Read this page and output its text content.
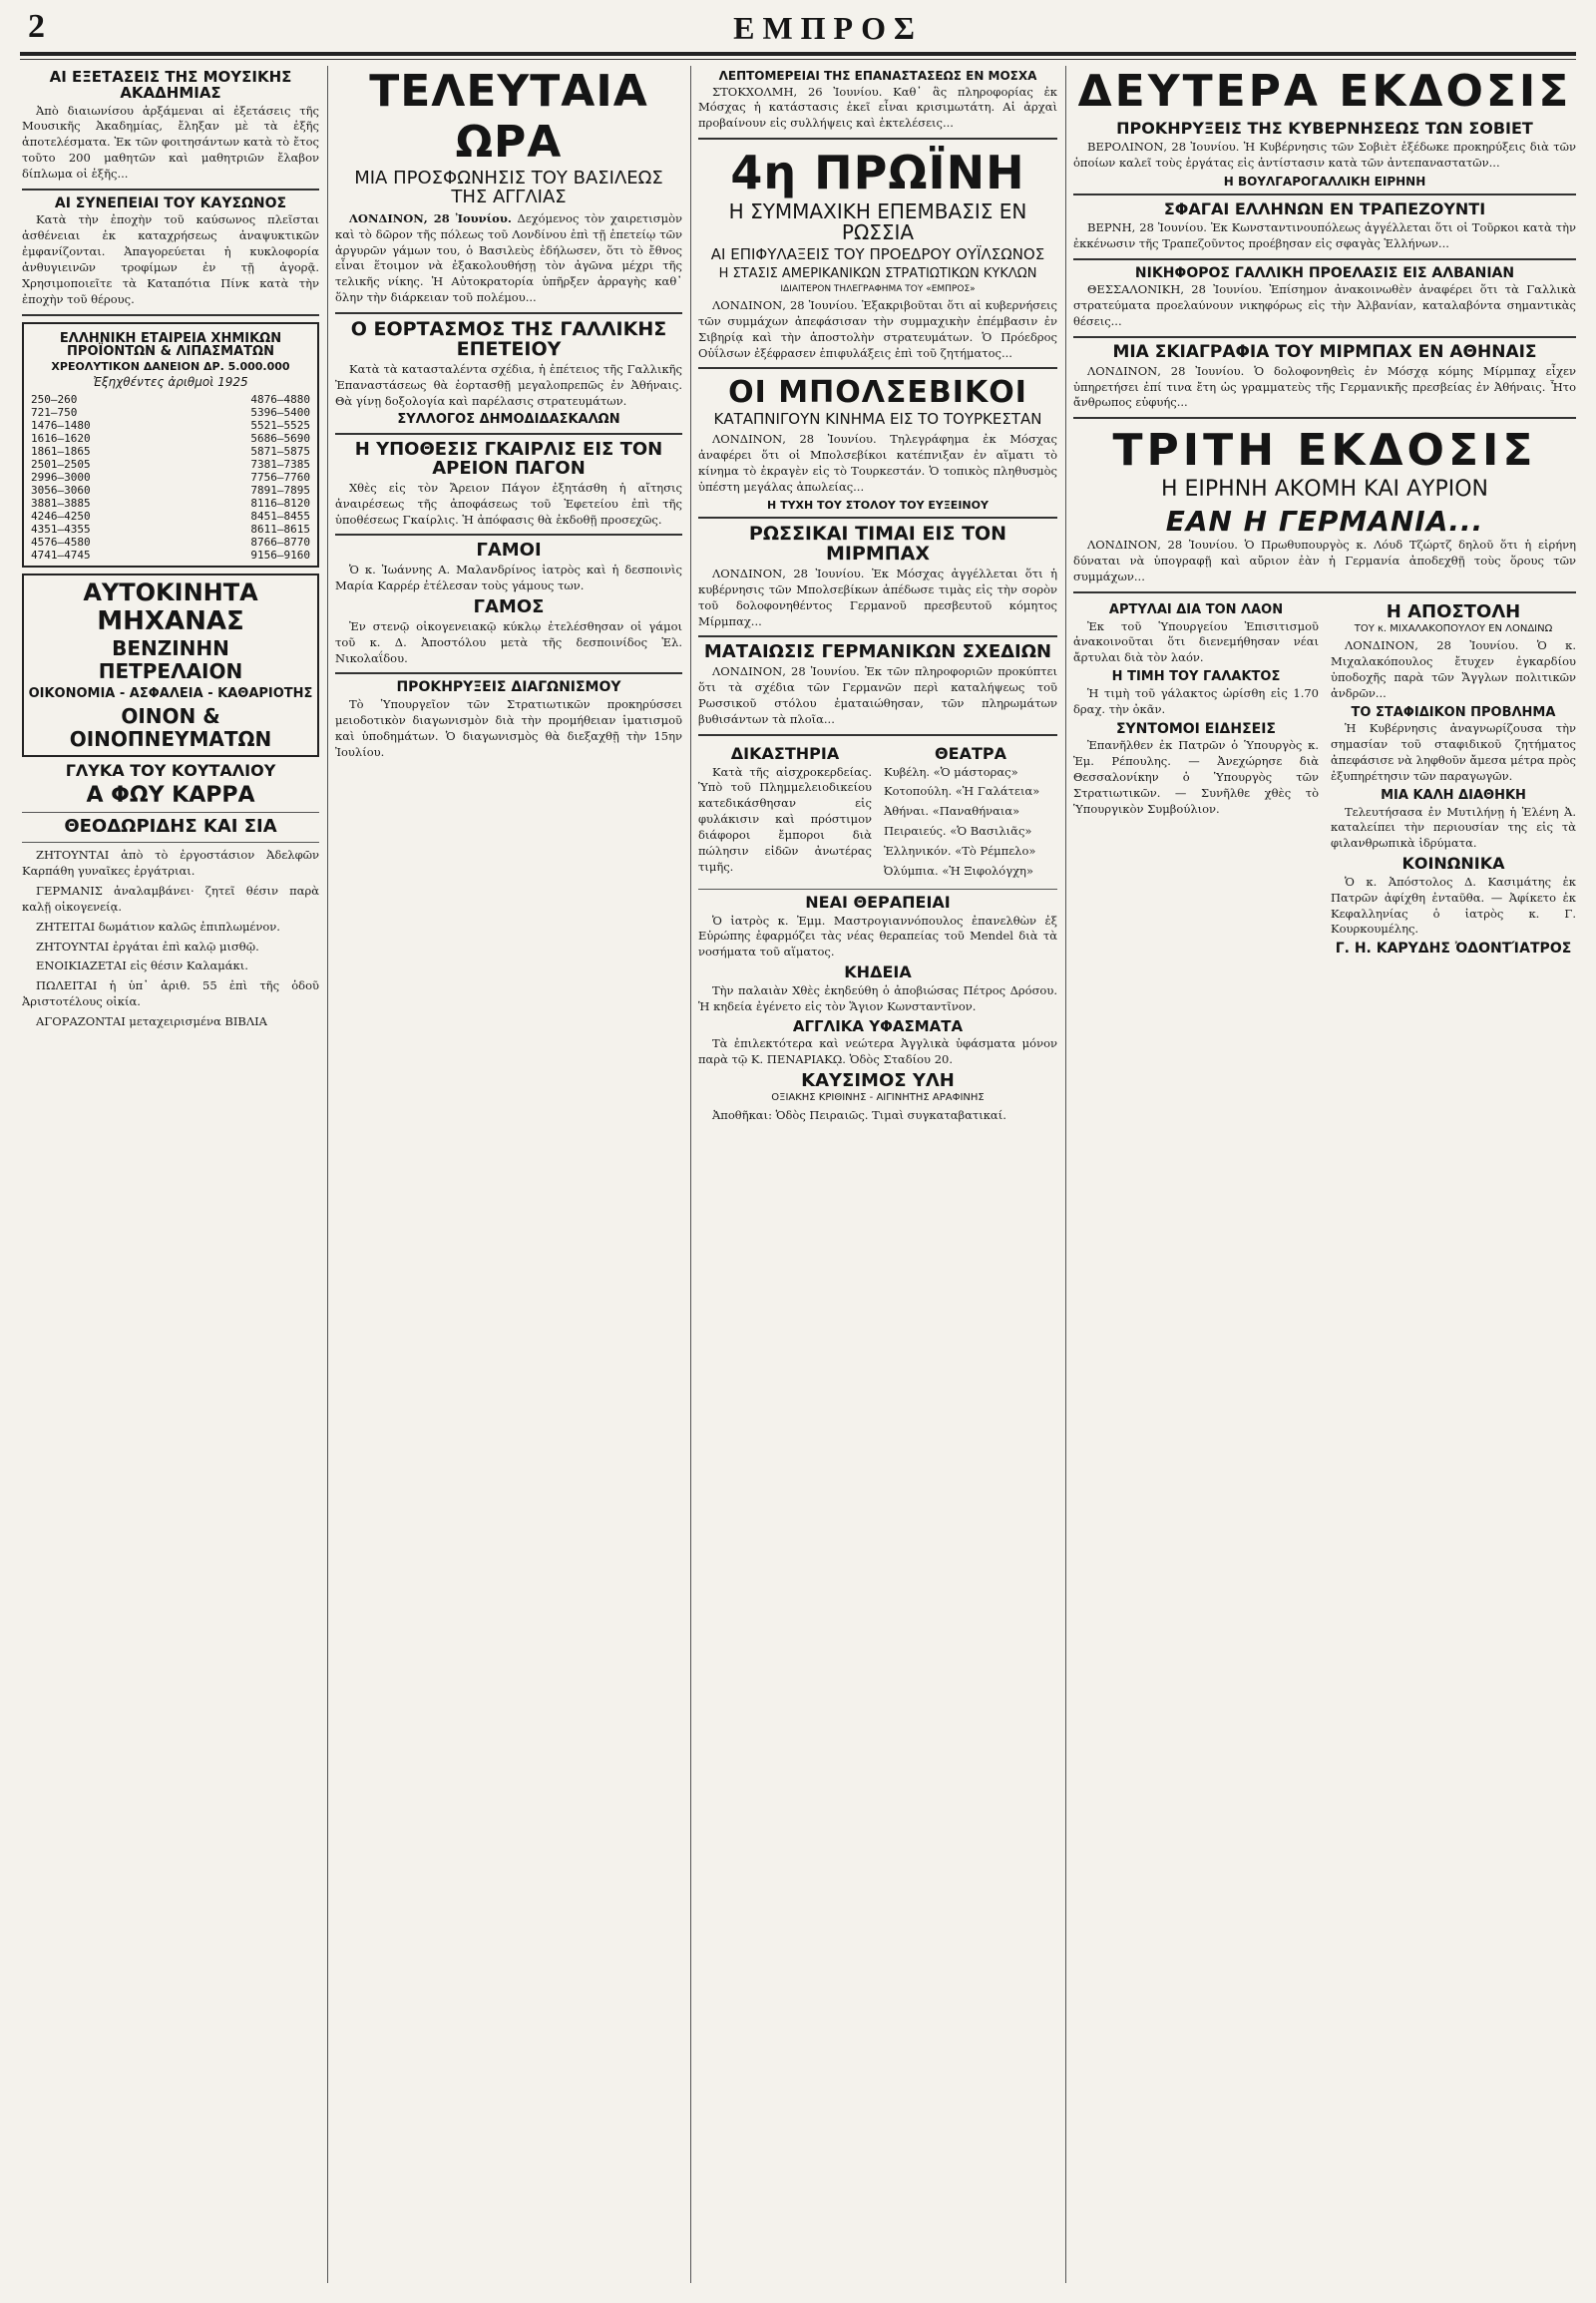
2	ΕΜΠΡΟΣ
ΑΙ ΕΞΕΤΑΣΕΙΣ ΤΗΣ ΜΟΥΣΙΚΗΣ ΑΚΑΔΗΜΙΑΣ

Ἀπὸ διαιωνίσου ἀρξάμεναι αἱ ἐξετάσεις τῆς Μουσικῆς Ἀκαδημίας, ἔληξαν μὲ τὰ ἑξῆς ἀποτελέσματα. Ἐκ τῶν φοιτησάντων κατὰ τὸ ἔτος τοῦτο 200 μαθητῶν καὶ μαθητριῶν ἔλαβον δίπλωμα οἱ ἑξῆς...

ΑΙ ΣΥΝΕΠΕΙΑΙ ΤΟΥ ΚΑΥΣΩΝΟΣ

Κατὰ τὴν ἐποχὴν τοῦ καύσωνος πλεῖσται ἀσθένειαι ἐκ καταχρήσεως ἀναψυκτικῶν ἐμφανίζονται. Ἀπαγορεύεται ἡ κυκλοφορία ἀνθυγιεινῶν τροφίμων ἐν τῇ ἀγορᾷ. Χρησιμοποιεῖτε τὰ Καταπότια Πίνκ κατὰ τὴν ἐποχὴν τοῦ θέρους.

ΕΛΛΗΝΙΚΗ ΕΤΑΙΡΕΙΑ ΧΗΜΙΚΩΝ ΠΡΟΪΟΝΤΩΝ & ΛΙΠΑΣΜΑΤΩΝ
ΧΡΕΟΛΥΤΙΚΟΝ ΔΑΝΕΙΟΝ ΔΡ. 5.000.000
Ἐξηχθέντες ἀριθμοὶ 1925
250—260	4876—4880
721—750	5396—5400
1476—1480	5521—5525
1616—1620	5686—5690
1861—1865	5871—5875
2501—2505	7381—7385
2996—3000	7756—7760
3056—3060	7891—7895
3881—3885	8116—8120
4246—4250	8451—8455
4351—4355	8611—8615
4576—4580	8766—8770
4741—4745	9156—9160
ΑΥΤΟΚΙΝΗΤΑ
ΜΗΧΑΝΑΣ
ΒΕΝΖΙΝΗΝ
ΠΕΤΡΕΛΑΙΟΝ
ΟΙΚΟΝΟΜΙΑ - ΑΣΦΑΛΕΙΑ - ΚΑΘΑΡΙΟΤΗΣ
ΟΙΝΟΝ & ΟΙΝΟΠΝΕΥΜΑΤΩΝ
ΓΛΥΚΑ ΤΟΥ ΚΟΥΤΑΛΙΟΥ
Α ΦΩΥ ΚΑΡΡΑ
ΘΕΟΔΩΡΙΔΗΣ ΚΑΙ ΣΙΑ

ΖΗΤΟΥΝΤΑΙ ἀπὸ τὸ ἐργοστάσιον Ἀδελφῶν Καρπάθη γυναῖκες ἐργάτριαι.

ΓΕΡΜΑΝΙΣ ἀναλαμβάνει· ζητεῖ θέσιν παρὰ καλῇ οἰκογενείᾳ.

ΖΗΤΕΙΤΑΙ δωμάτιον καλῶς ἐπιπλωμένον.

ΖΗΤΟΥΝΤΑΙ ἐργάται ἐπὶ καλῷ μισθῷ.

ΕΝΟΙΚΙΑΖΕΤΑΙ εἰς θέσιν Καλαμάκι.

ΠΩΛΕΙΤΑΙ ἡ ὑπ᾽ ἀριθ. 55 ἐπὶ τῆς ὁδοῦ Ἀριστοτέλους οἰκία.

ΑΓΟΡΑΖΟΝΤΑΙ μεταχειρισμένα ΒΙΒΛΙΑ

ΤΕΛΕΥΤΑΙΑ ΩΡΑ
ΜΙΑ ΠΡΟΣΦΩΝΗΣΙΣ ΤΟΥ ΒΑΣΙΛΕΩΣ ΤΗΣ ΑΓΓΛΙΑΣ

ΛΟΝΔΙΝΟΝ, 28 Ἰουνίου. Δεχόμενος τὸν χαιρετισμὸν καὶ τὸ δῶρον τῆς πόλεως τοῦ Λονδίνου ἐπὶ τῇ ἐπετείῳ τῶν ἀργυρῶν γάμων του, ὁ Βασιλεὺς ἐδήλωσεν, ὅτι τὸ ἔθνος εἶναι ἕτοιμον νὰ ἐξακολουθήσῃ τὸν ἀγῶνα μέχρι τῆς τελικῆς νίκης. Ἡ Αὐτοκρατορία ὑπῆρξεν ἀρραγὴς καθ᾽ ὅλην τὴν διάρκειαν τοῦ πολέμου...

Ο ΕΟΡΤΑΣΜΟΣ ΤΗΣ ΓΑΛΛΙΚΗΣ ΕΠΕΤΕΙΟΥ

Κατὰ τὰ κατασταλέντα σχέδια, ἡ ἐπέτειος τῆς Γαλλικῆς Ἐπαναστάσεως θὰ ἑορτασθῇ μεγαλοπρεπῶς ἐν Ἀθήναις. Θὰ γίνῃ δοξολογία καὶ παρέλασις στρατευμάτων.

ΣΥΛΛΟΓΟΣ ΔΗΜΟΔΙΔΑΣΚΑΛΩΝ
Η ΥΠΟΘΕΣΙΣ ΓΚΑΙΡΛΙΣ ΕΙΣ ΤΟΝ ΑΡΕΙΟΝ ΠΑΓΟΝ

Χθὲς εἰς τὸν Ἄρειον Πάγον ἐξητάσθη ἡ αἴτησις ἀναιρέσεως τῆς ἀποφάσεως τοῦ Ἐφετείου ἐπὶ τῆς ὑποθέσεως Γκαίρλις. Ἡ ἀπόφασις θὰ ἐκδοθῇ προσεχῶς.

ΓΑΜΟΙ

Ὁ κ. Ἰωάννης Α. Μαλανδρίνος ἰατρὸς καὶ ἡ δεσποινὶς Μαρία Καρρέρ ἐτέλεσαν τοὺς γάμους των.

ΓΑΜΟΣ

Ἐν στενῷ οἰκογενειακῷ κύκλῳ ἐτελέσθησαν οἱ γάμοι τοῦ κ. Δ. Ἀποστόλου μετὰ τῆς δεσποινίδος Ἑλ. Νικολαΐδου.

ΠΡΟΚΗΡΥΞΕΙΣ ΔΙΑΓΩΝΙΣΜΟΥ

Τὸ Ὑπουργεῖον τῶν Στρατιωτικῶν προκηρύσσει μειοδοτικὸν διαγωνισμὸν διὰ τὴν προμήθειαν ἱματισμοῦ καὶ ὑποδημάτων. Ὁ διαγωνισμὸς θὰ διεξαχθῇ τὴν 15ην Ἰουλίου.

ΛΕΠΤΟΜΕΡΕΙΑΙ ΤΗΣ ΕΠΑΝΑΣΤΑΣΕΩΣ ΕΝ ΜΟΣΧΑ

ΣΤΟΚΧΟΛΜΗ, 26 Ἰουνίου. Καθ᾽ ἃς πληροφορίας ἐκ Μόσχας ἡ κατάστασις ἐκεῖ εἶναι κρισιμωτάτη. Αἱ ἀρχαὶ προβαίνουν εἰς συλλήψεις καὶ ἐκτελέσεις...

4η ΠΡΩΪΝΗ
Η ΣΥΜΜΑΧΙΚΗ ΕΠΕΜΒΑΣΙΣ ΕΝ ΡΩΣΣΙΑ
ΑΙ ΕΠΙΦΥΛΑΞΕΙΣ ΤΟΥ ΠΡΟΕΔΡΟΥ ΟΥΪΛΣΩΝΟΣ
Η ΣΤΑΣΙΣ ΑΜΕΡΙΚΑΝΙΚΩΝ ΣΤΡΑΤΙΩΤΙΚΩΝ ΚΥΚΛΩΝ
ΙΔΙΑΙΤΕΡΟΝ ΤΗΛΕΓΡΑΦΗΜΑ ΤΟΥ «ΕΜΠΡΟΣ»

ΛΟΝΔΙΝΟΝ, 28 Ἰουνίου. Ἐξακριβοῦται ὅτι αἱ κυβερνήσεις τῶν συμμάχων ἀπεφάσισαν τὴν συμμαχικὴν ἐπέμβασιν ἐν Σιβηρίᾳ καὶ τὴν ἀποστολὴν στρατευμάτων. Ὁ Πρόεδρος Οὐΐλσων ἐξέφρασεν ἐπιφυλάξεις ἐπὶ τοῦ ζητήματος...

ΟΙ ΜΠΟΛΣΕΒΙΚΟΙ
ΚΑΤΑΠΝΙΓΟΥΝ ΚΙΝΗΜΑ ΕΙΣ ΤΟ ΤΟΥΡΚΕΣΤΑΝ

ΛΟΝΔΙΝΟΝ, 28 Ἰουνίου. Τηλεγράφημα ἐκ Μόσχας ἀναφέρει ὅτι οἱ Μπολσεβίκοι κατέπνιξαν ἐν αἵματι τὸ κίνημα τὸ ἐκραγὲν εἰς τὸ Τουρκεστάν. Ὁ τοπικὸς πληθυσμὸς ὑπέστη μεγάλας ἀπωλείας...

Η ΤΥΧΗ ΤΟΥ ΣΤΟΛΟΥ ΤΟΥ ΕΥΞΕΙΝΟΥ
ΡΩΣΣΙΚΑΙ ΤΙΜΑΙ ΕΙΣ ΤΟΝ ΜΙΡΜΠΑΧ

ΛΟΝΔΙΝΟΝ, 28 Ἰουνίου. Ἐκ Μόσχας ἀγγέλλεται ὅτι ἡ κυβέρνησις τῶν Μπολσεβίκων ἀπέδωσε τιμὰς εἰς τὴν σορὸν τοῦ δολοφονηθέντος Γερμανοῦ πρεσβευτοῦ κόμητος Μίρμπαχ...

ΜΑΤΑΙΩΣΙΣ ΓΕΡΜΑΝΙΚΩΝ ΣΧΕΔΙΩΝ

ΛΟΝΔΙΝΟΝ, 28 Ἰουνίου. Ἐκ τῶν πληροφοριῶν προκύπτει ὅτι τὰ σχέδια τῶν Γερμανῶν περὶ καταλήψεως τοῦ Ρωσσικοῦ στόλου ἐματαιώθησαν, τῶν πληρωμάτων βυθισάντων τὰ πλοῖα...

ΔΙΚΑΣΤΗΡΙΑ

Κατὰ τῆς αἰσχροκερδείας. Ὑπὸ τοῦ Πλημμελειοδικείου κατεδικάσθησαν εἰς φυλάκισιν καὶ πρόστιμον διάφοροι ἔμποροι διὰ πώλησιν εἰδῶν ἀνωτέρας τιμῆς.

ΘΕΑΤΡΑ

Κυβέλη. «Ὁ μάστορας»

Κοτοπούλη. «Ἡ Γαλάτεια»

Ἀθήναι. «Παναθήναια»

Πειραιεύς. «Ὁ Βασιλιᾶς»

Ἐλληνικόν. «Τὸ Ρέμπελο»

Ὀλύμπια. «Ἡ Ξιφολόγχη»

ΝΕΑΙ ΘΕΡΑΠΕΙΑΙ

Ὁ ἰατρὸς κ. Ἐμμ. Μαστρογιαννόπουλος ἐπανελθὼν ἐξ Εὐρώπης ἐφαρμόζει τὰς νέας θεραπείας τοῦ Mendel διὰ τὰ νοσήματα τοῦ αἵματος.

ΚΗΔΕΙΑ

Τὴν παλαιὰν Χθὲς ἐκηδεύθη ὁ ἀποβιώσας Πέτρος Δρόσου. Ἡ κηδεία ἐγένετο εἰς τὸν Ἅγιον Κωνσταντῖνον.

ΑΓΓΛΙΚΑ ΥΦΑΣΜΑΤΑ

Τὰ ἐπιλεκτότερα καὶ νεώτερα Ἀγγλικὰ ὑφάσματα μόνον παρὰ τῷ Κ. ΠΕΝΑΡΙΑΚῼ. Ὁδὸς Σταδίου 20.

ΚΑΥΣΙΜΟΣ ΥΛΗ
ΟΞΙΑΚΗΣ ΚΡΙΘΙΝΗΣ - ΑΙΓΙΝΗΤΗΣ ΑΡΑΦΙΝΗΣ

Ἀποθῆκαι: Ὁδὸς Πειραιῶς. Τιμαὶ συγκαταβατικαί.

ΔΕΥΤΕΡΑ ΕΚΔΟΣΙΣ
ΠΡΟΚΗΡΥΞΕΙΣ ΤΗΣ ΚΥΒΕΡΝΗΣΕΩΣ ΤΩΝ ΣΟΒΙΕΤ

ΒΕΡΟΛΙΝΟΝ, 28 Ἰουνίου. Ἡ Κυβέρνησις τῶν Σοβιὲτ ἐξέδωκε προκηρύξεις διὰ τῶν ὁποίων καλεῖ τοὺς ἐργάτας εἰς ἀντίστασιν κατὰ τῶν ἀντεπαναστατῶν...

Η ΒΟΥΛΓΑΡΟΓΑΛΛΙΚΗ ΕΙΡΗΝΗ
ΣΦΑΓΑΙ ΕΛΛΗΝΩΝ ΕΝ ΤΡΑΠΕΖΟΥΝΤΙ

ΒΕΡΝΗ, 28 Ἰουνίου. Ἐκ Κωνσταντινουπόλεως ἀγγέλλεται ὅτι οἱ Τοῦρκοι κατὰ τὴν ἐκκένωσιν τῆς Τραπεζοῦντος προέβησαν εἰς σφαγὰς Ἑλλήνων...

ΝΙΚΗΦΟΡΟΣ ΓΑΛΛΙΚΗ ΠΡΟΕΛΑΣΙΣ ΕΙΣ ΑΛΒΑΝΙΑΝ

ΘΕΣΣΑΛΟΝΙΚΗ, 28 Ἰουνίου. Ἐπίσημον ἀνακοινωθὲν ἀναφέρει ὅτι τὰ Γαλλικὰ στρατεύματα προελαύνουν νικηφόρως εἰς τὴν Ἀλβανίαν, καταλαβόντα σημαντικὰς θέσεις...

ΜΙΑ ΣΚΙΑΓΡΑΦΙΑ ΤΟΥ ΜΙΡΜΠΑΧ ΕΝ ΑΘΗΝΑΙΣ

ΛΟΝΔΙΝΟΝ, 28 Ἰουνίου. Ὁ δολοφονηθεὶς ἐν Μόσχᾳ κόμης Μίρμπαχ εἶχεν ὑπηρετήσει ἐπί τινα ἔτη ὡς γραμματεὺς τῆς Γερμανικῆς πρεσβείας ἐν Ἀθήναις. Ἦτο ἄνθρωπος εὐφυής...

ΤΡΙΤΗ ΕΚΔΟΣΙΣ
Η ΕΙΡΗΝΗ ΑΚΟΜΗ ΚΑΙ ΑΥΡΙΟΝ
ΕΑΝ Η ΓΕΡΜΑΝΙΑ...

ΛΟΝΔΙΝΟΝ, 28 Ἰουνίου. Ὁ Πρωθυπουργὸς κ. Λόυδ Τζώρτζ δηλοῦ ὅτι ἡ εἰρήνη δύναται νὰ ὑπογραφῇ καὶ αὔριον ἐὰν ἡ Γερμανία ἀποδεχθῇ τοὺς ὅρους τῶν συμμάχων...

ΑΡΤΥΛΑΙ ΔΙΑ ΤΟΝ ΛΑΟΝ

Ἐκ τοῦ Ὑπουργείου Ἐπισιτισμοῦ ἀνακοινοῦται ὅτι διενεμήθησαν νέαι ἄρτυλαι διὰ τὸν λαόν.

Η ΤΙΜΗ ΤΟΥ ΓΑΛΑΚΤΟΣ

Ἡ τιμὴ τοῦ γάλακτος ὡρίσθη εἰς 1.70 δραχ. τὴν ὀκᾶν.

ΣΥΝΤΟΜΟΙ ΕΙΔΗΣΕΙΣ

Ἐπανῆλθεν ἐκ Πατρῶν ὁ Ὑπουργὸς κ. Ἐμ. Ρέπουλης. — Ἀνεχώρησε διὰ Θεσσαλονίκην ὁ Ὑπουργὸς τῶν Στρατιωτικῶν. — Συνῆλθε χθὲς τὸ Ὑπουργικὸν Συμβούλιον.

Η ΑΠΟΣΤΟΛΗ
ΤΟΥ κ. ΜΙΧΑΛΑΚΟΠΟΥΛΟΥ ΕΝ ΛΟΝΔΙΝΩ

ΛΟΝΔΙΝΟΝ, 28 Ἰουνίου. Ὁ κ. Μιχαλακόπουλος ἔτυχεν ἐγκαρδίου ὑποδοχῆς παρὰ τῶν Ἄγγλων πολιτικῶν ἀνδρῶν...

ΤΟ ΣΤΑΦΙΔΙΚΟΝ ΠΡΟΒΛΗΜΑ

Ἡ Κυβέρνησις ἀναγνωρίζουσα τὴν σημασίαν τοῦ σταφιδικοῦ ζητήματος ἀπεφάσισε νὰ ληφθοῦν ἄμεσα μέτρα πρὸς ἐξυπηρέτησιν τῶν παραγωγῶν.

ΜΙΑ ΚΑΛΗ ΔΙΑΘΗΚΗ

Τελευτήσασα ἐν Μυτιλήνῃ ἡ Ἑλένη Ἀ. καταλείπει τὴν περιουσίαν της εἰς τὰ φιλανθρωπικὰ ἱδρύματα.

ΚΟΙΝΩΝΙΚΑ

Ὁ κ. Ἀπόστολος Δ. Κασιμάτης ἐκ Πατρῶν ἀφίχθη ἐνταῦθα. — Ἀφίκετο ἐκ Κεφαλληνίας ὁ ἰατρὸς κ. Γ. Κουρκουμέλης.

Γ. Η. ΚΑΡΥΔΗΣ ὈΔΟΝΤΊΑΤΡΟΣ
